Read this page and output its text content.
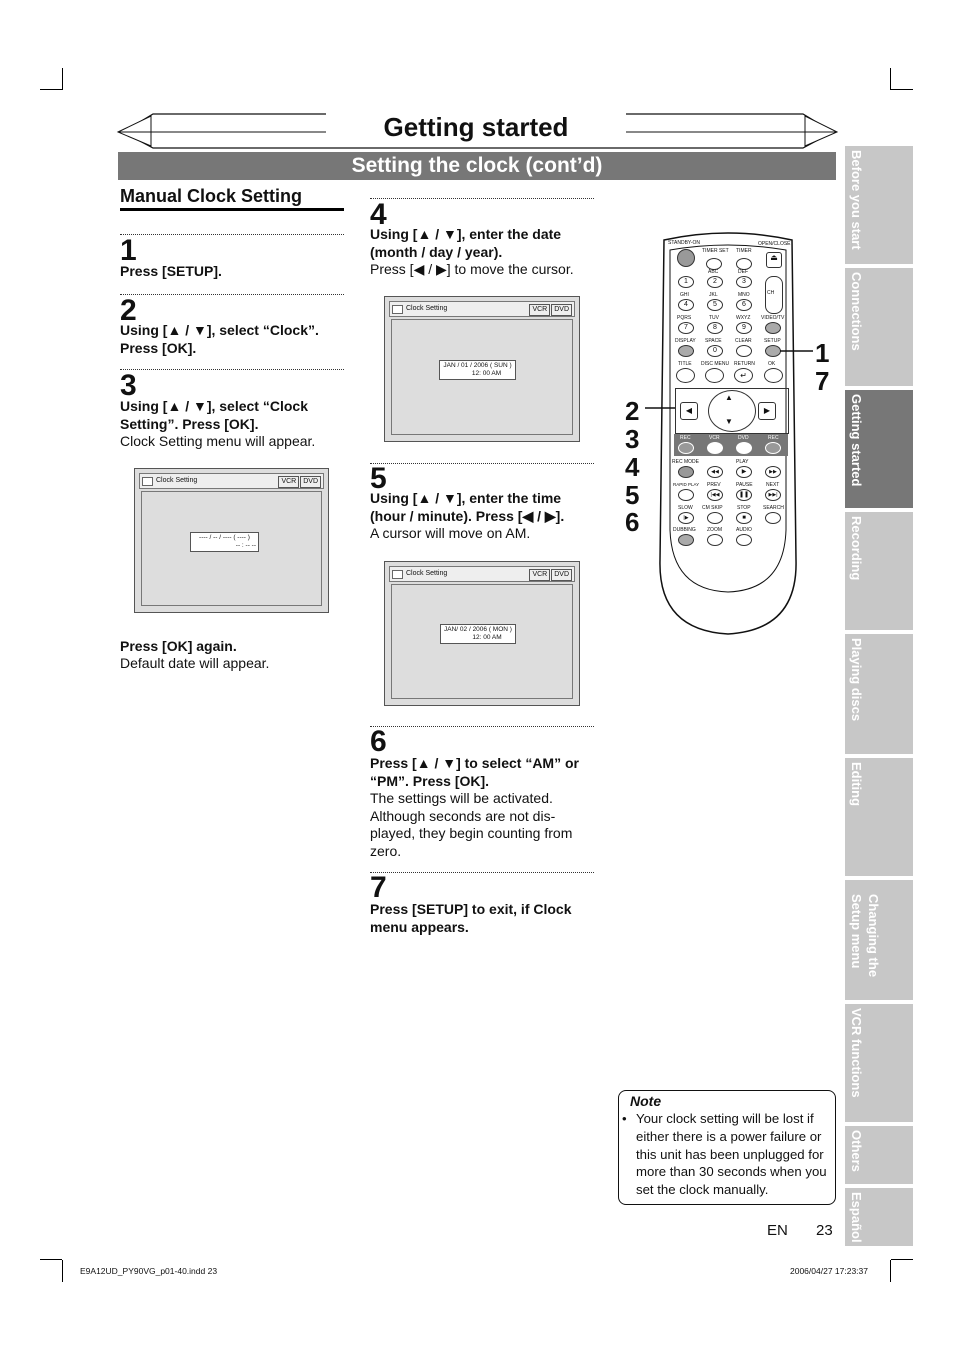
Getting started
Setting the clock (cont’d)
Manual Clock Setting
1
Press [SETUP].
2
Using [▲ / ▼], select “Clock”. Press [OK].
3
Using [▲ / ▼], select “Clock Setting”. Press [OK].
Clock Setting menu will appear.
Clock Setting	VCR DVD
---- / -- / ---- ( ---- )
-- : -- --
Press [OK] again.
Default date will appear.
4
Using [▲ / ▼], enter the date (month / day / year).
Press [◀ / ▶] to move the cursor.
Clock Setting	VCR DVD
JAN / 01 / 2006 ( SUN )
12: 00 AM
5
Using [▲ / ▼], enter the time (hour / minute). Press [◀ / ▶].
A cursor will move on AM.
Clock Setting	VCR DVD
JAN/ 02 / 2006 ( MON )
12: 00 AM
6
Press [▲ / ▼] to select “AM” or “PM”. Press [OK].
The settings will be activated. Although seconds are not dis- played, they begin counting from zero.
7
Press [SETUP] to exit, if Clock menu appears.
STANDBY-ON
TIMER SET TIMER
OPEN/CLOSE
⏏
ABC	DEF
1	2	3
CH
GHI	JKL	MNO
4	5	6
PQRS	TUV	WXYZ VIDEO/TV
7	8	9
DISPLAY SPACE	CLEAR SETUP
0
TITLE DISC MENU RETURN	OK
↵
◀	▶
▲
▼
REC	VCR	DVD	REC
REC MODE	PLAY
◀◀	▶	▶▶
RAPID PLAY PREV	PAUSE	NEXT
|◀◀	❚❚	▶▶|
SLOW CM SKIP	STOP SEARCH
|▶	■
DUBBING ZOOM	AUDIO
1
7
2
3
4
5
6
Before you start
Connections
Getting started
Recording
Playing discs
Editing
Changing the
Setup menu
VCR functions
Others
Español
Note
• Your clock setting will be lost if either there is a power failure or this unit has been unplugged for more than 30 seconds when you set the clock manually.
EN 23
E9A12UD_PY90VG_p01-40.indd 23	2006/04/27 17:23:37
